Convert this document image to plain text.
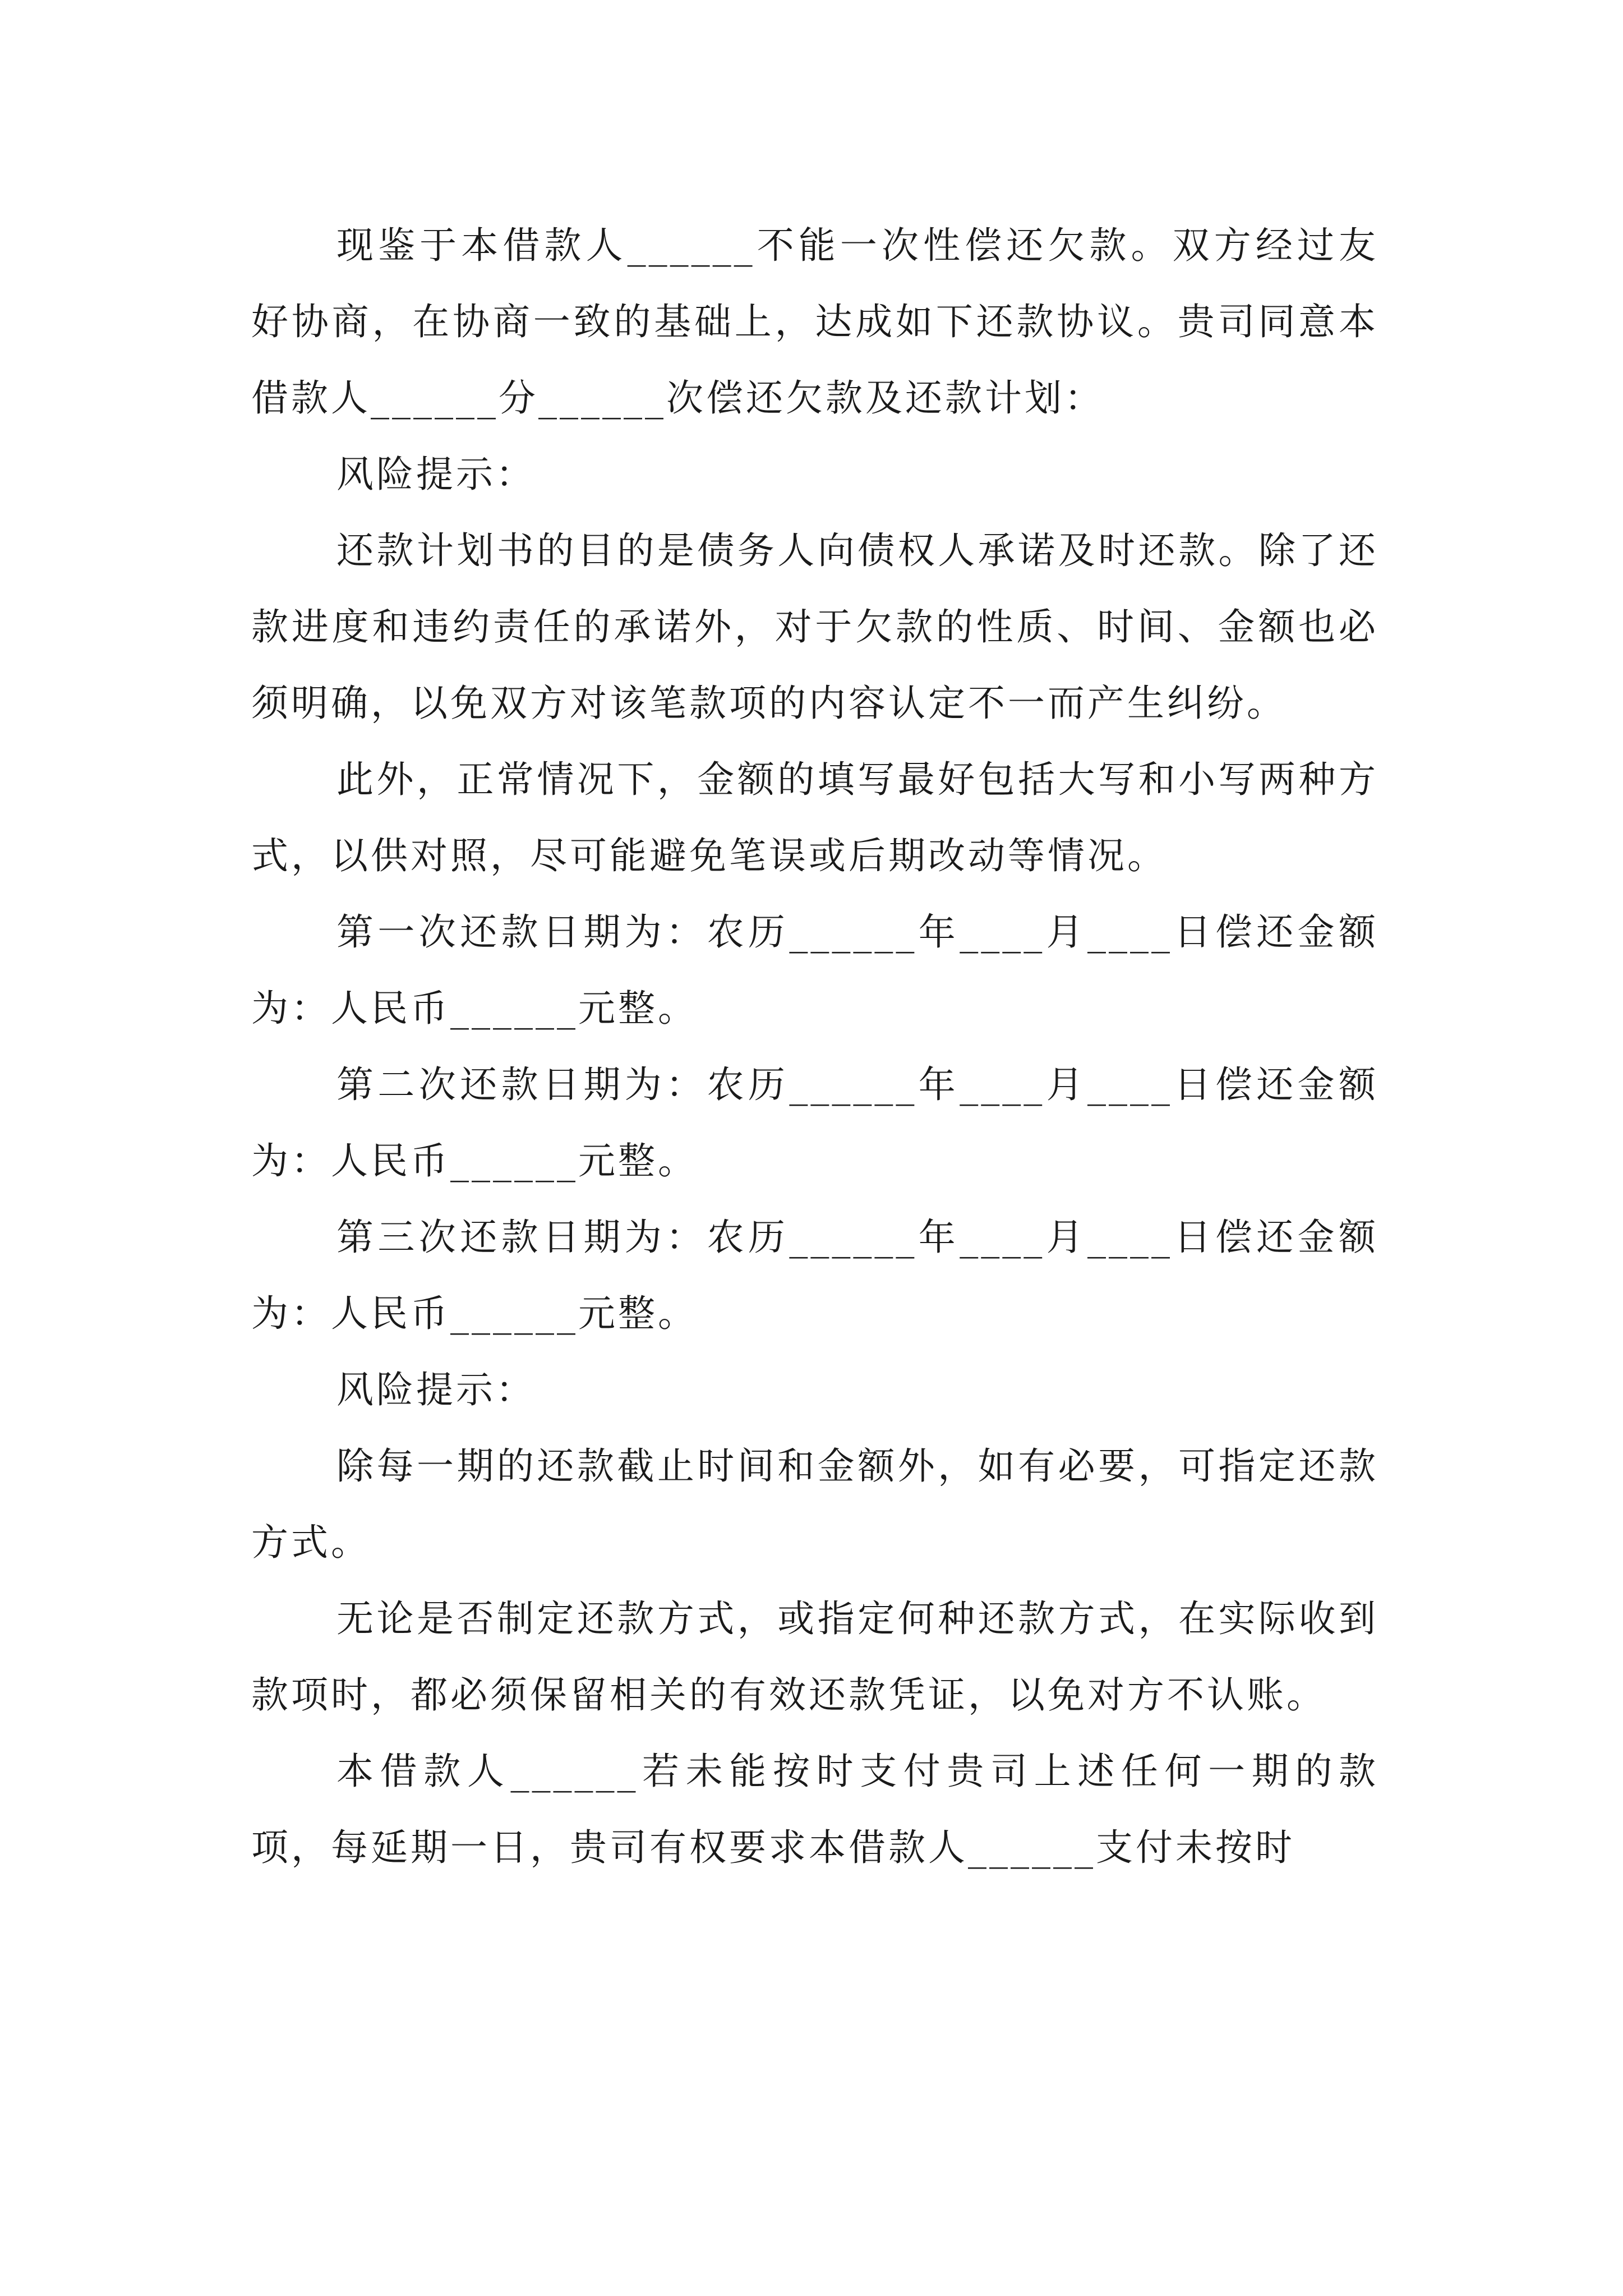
现鉴于本借款人______不能一次性偿还欠款。双方经过友好协商，在协商一致的基础上，达成如下还款协议。贵司同意本借款人______分______次偿还欠款及还款计划：

风险提示：

还款计划书的目的是债务人向债权人承诺及时还款。除了还款进度和违约责任的承诺外，对于欠款的性质、时间、金额也必须明确，以免双方对该笔款项的内容认定不一而产生纠纷。

此外，正常情况下，金额的填写最好包括大写和小写两种方式，以供对照，尽可能避免笔误或后期改动等情况。

第一次还款日期为：农历______年____月____日偿还金额为：人民币______元整。

第二次还款日期为：农历______年____月____日偿还金额为：人民币______元整。

第三次还款日期为：农历______年____月____日偿还金额为：人民币______元整。

风险提示：

除每一期的还款截止时间和金额外，如有必要，可指定还款方式。

无论是否制定还款方式，或指定何种还款方式，在实际收到款项时，都必须保留相关的有效还款凭证，以免对方不认账。

本借款人______若未能按时支付贵司上述任何一期的款项，每延期一日，贵司有权要求本借款人______支付未按时
